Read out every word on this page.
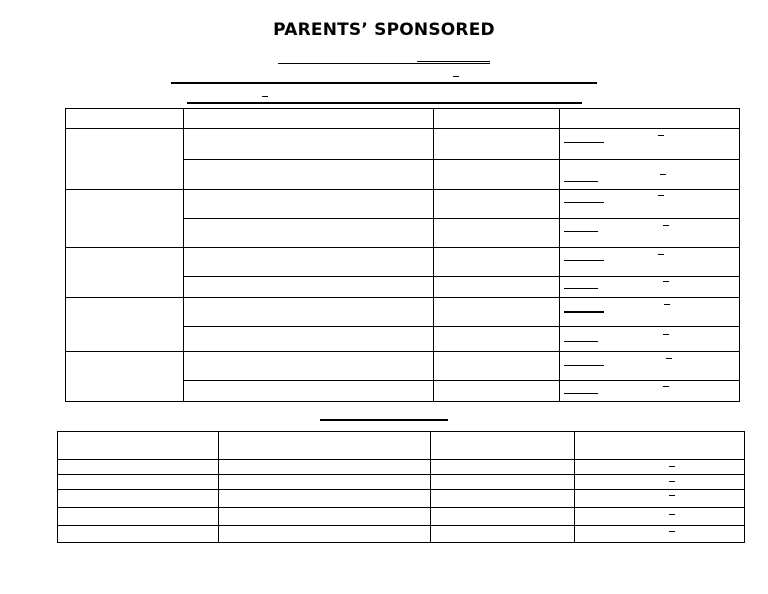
PARENTS’ SPONSORED
